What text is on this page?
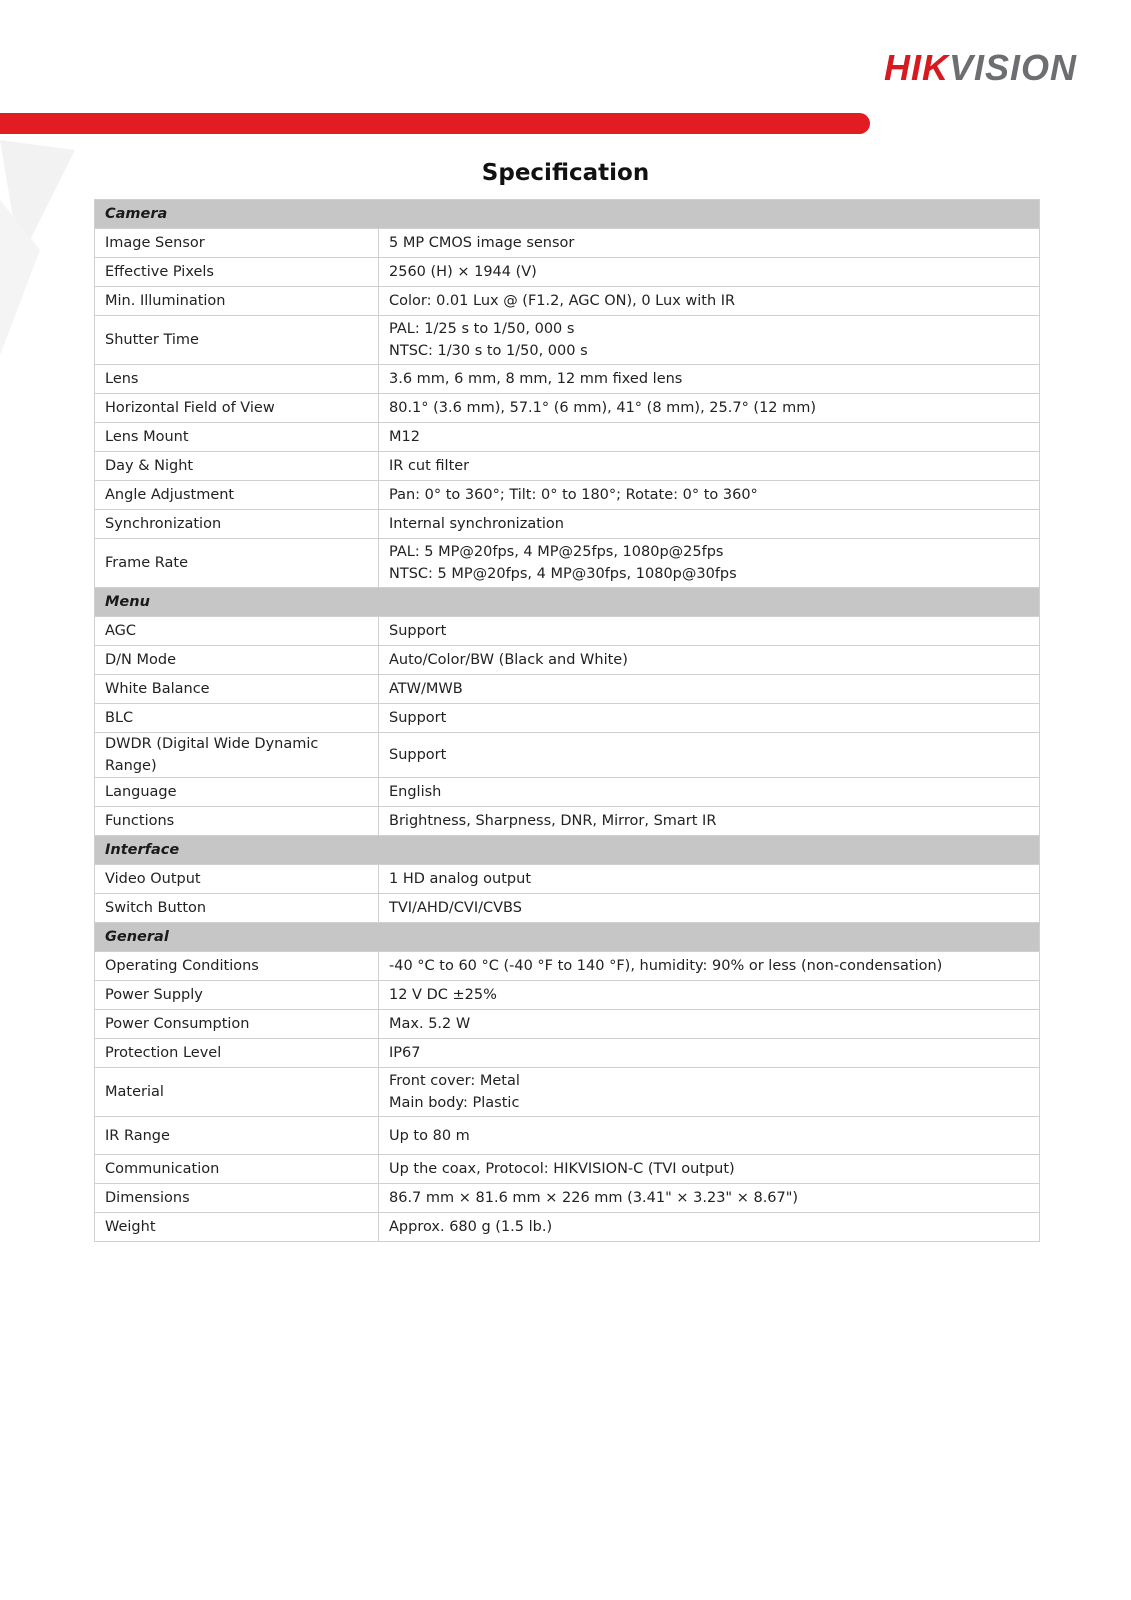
HIKVISION
Specification
Camera	
Image Sensor	5 MP CMOS image sensor

Effective Pixels	2560 (H) × 1944 (V)

Min. Illumination	Color: 0.01 Lux @ (F1.2, AGC ON), 0 Lux with IR

Shutter Time	PAL: 1/25 s to 1/50, 000 s
NTSC: 1/30 s to 1/50, 000 s

Lens	3.6 mm, 6 mm, 8 mm, 12 mm fixed lens

Horizontal Field of View	80.1° (3.6 mm), 57.1° (6 mm), 41° (8 mm), 25.7° (12 mm)

Lens Mount	M12

Day & Night	IR cut filter

Angle Adjustment	Pan: 0° to 360°; Tilt: 0° to 180°; Rotate: 0° to 360°

Synchronization	Internal synchronization

Frame Rate	PAL: 5 MP@20fps, 4 MP@25fps, 1080p@25fps
NTSC: 5 MP@20fps, 4 MP@30fps, 1080p@30fps

Menu	
AGC	Support

D/N Mode	Auto/Color/BW (Black and White)

White Balance	ATW/MWB

BLC	Support

DWDR (Digital Wide Dynamic Range)	Support

Language	English

Functions	Brightness, Sharpness, DNR, Mirror, Smart IR

Interface	
Video Output	1 HD analog output

Switch Button	TVI/AHD/CVI/CVBS

General	
Operating Conditions	-40 °C to 60 °C (-40 °F to 140 °F), humidity: 90% or less (non-condensation)

Power Supply	12 V DC ±25%

Power Consumption	Max. 5.2 W

Protection Level	IP67

Material	Front cover: Metal
Main body: Plastic

IR Range	Up to 80 m

Communication	Up the coax, Protocol: HIKVISION-C (TVI output)

Dimensions	86.7 mm × 81.6 mm × 226 mm (3.41" × 3.23" × 8.67")

Weight	Approx. 680 g (1.5 lb.)
